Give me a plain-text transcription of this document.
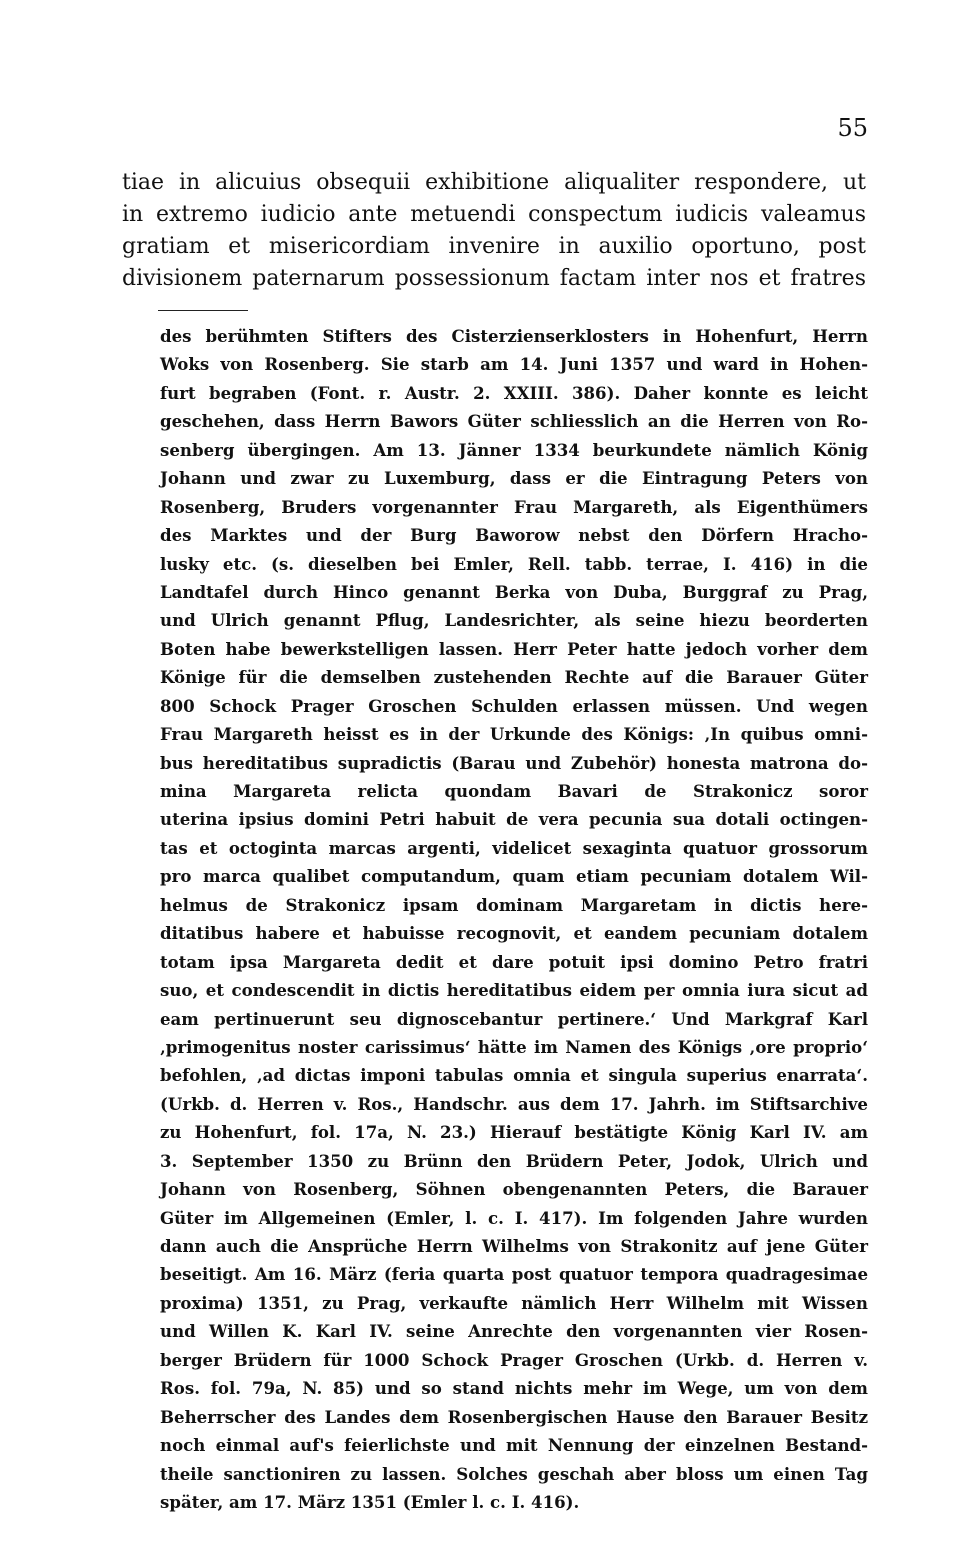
55
tiae in alicuius obsequii exhibitione aliqualiter respondere, ut
in extremo iudicio ante metuendi conspectum iudicis valeamus
gratiam et misericordiam invenire in auxilio oportuno, post
divisionem paternarum possessionum factam inter nos et fratres
des berühmten Stifters des Cisterzienserklosters in Hohenfurt, Herrn
Woks von Rosenberg. Sie starb am 14. Juni 1357 und ward in Hohen-
furt begraben (Font. r. Austr. 2. XXIII. 386). Daher konnte es leicht
geschehen, dass Herrn Bawors Güter schliesslich an die Herren von Ro-
senberg übergingen. Am 13. Jänner 1334 beurkundete nämlich König
Johann und zwar zu Luxemburg, dass er die Eintragung Peters von
Rosenberg, Bruders vorgenannter Frau Margareth, als Eigenthümers
des Marktes und der Burg Baworow nebst den Dörfern Hracho-
lusky etc. (s. dieselben bei Emler, Rell. tabb. terrae, I. 416) in die
Landtafel durch Hinco genannt Berka von Duba, Burggraf zu Prag,
und Ulrich genannt Pflug, Landesrichter, als seine hiezu beorderten
Boten habe bewerkstelligen lassen. Herr Peter hatte jedoch vorher dem
Könige für die demselben zustehenden Rechte auf die Barauer Güter
800 Schock Prager Groschen Schulden erlassen müssen. Und wegen
Frau Margareth heisst es in der Urkunde des Königs: ‚In quibus omni-
bus hereditatibus supradictis (Barau und Zubehör) honesta matrona do-
mina Margareta relicta quondam Bavari de Strakonicz soror
uterina ipsius domini Petri habuit de vera pecunia sua dotali octingen-
tas et octoginta marcas argenti, videlicet sexaginta quatuor grossorum
pro marca qualibet computandum, quam etiam pecuniam dotalem Wil-
helmus de Strakonicz ipsam dominam Margaretam in dictis here-
ditatibus habere et habuisse recognovit, et eandem pecuniam dotalem
totam ipsa Margareta dedit et dare potuit ipsi domino Petro fratri
suo, et condescendit in dictis hereditatibus eidem per omnia iura sicut ad
eam pertinuerunt seu dignoscebantur pertinere.‘ Und Markgraf Karl
‚primogenitus noster carissimus‘ hätte im Namen des Königs ‚ore proprio‘
befohlen, ‚ad dictas imponi tabulas omnia et singula superius enarrata‘.
(Urkb. d. Herren v. Ros., Handschr. aus dem 17. Jahrh. im Stiftsarchive
zu Hohenfurt, fol. 17a, N. 23.) Hierauf bestätigte König Karl IV. am
3. September 1350 zu Brünn den Brüdern Peter, Jodok, Ulrich und
Johann von Rosenberg, Söhnen obengenannten Peters, die Barauer
Güter im Allgemeinen (Emler, l. c. I. 417). Im folgenden Jahre wurden
dann auch die Ansprüche Herrn Wilhelms von Strakonitz auf jene Güter
beseitigt. Am 16. März (feria quarta post quatuor tempora quadragesimae
proxima) 1351, zu Prag, verkaufte nämlich Herr Wilhelm mit Wissen
und Willen K. Karl IV. seine Anrechte den vorgenannten vier Rosen-
berger Brüdern für 1000 Schock Prager Groschen (Urkb. d. Herren v.
Ros. fol. 79a, N. 85) und so stand nichts mehr im Wege, um von dem
Beherrscher des Landes dem Rosenbergischen Hause den Barauer Besitz
noch einmal auf's feierlichste und mit Nennung der einzelnen Bestand-
theile sanctioniren zu lassen. Solches geschah aber bloss um einen Tag
später, am 17. März 1351 (Emler l. c. I. 416).
